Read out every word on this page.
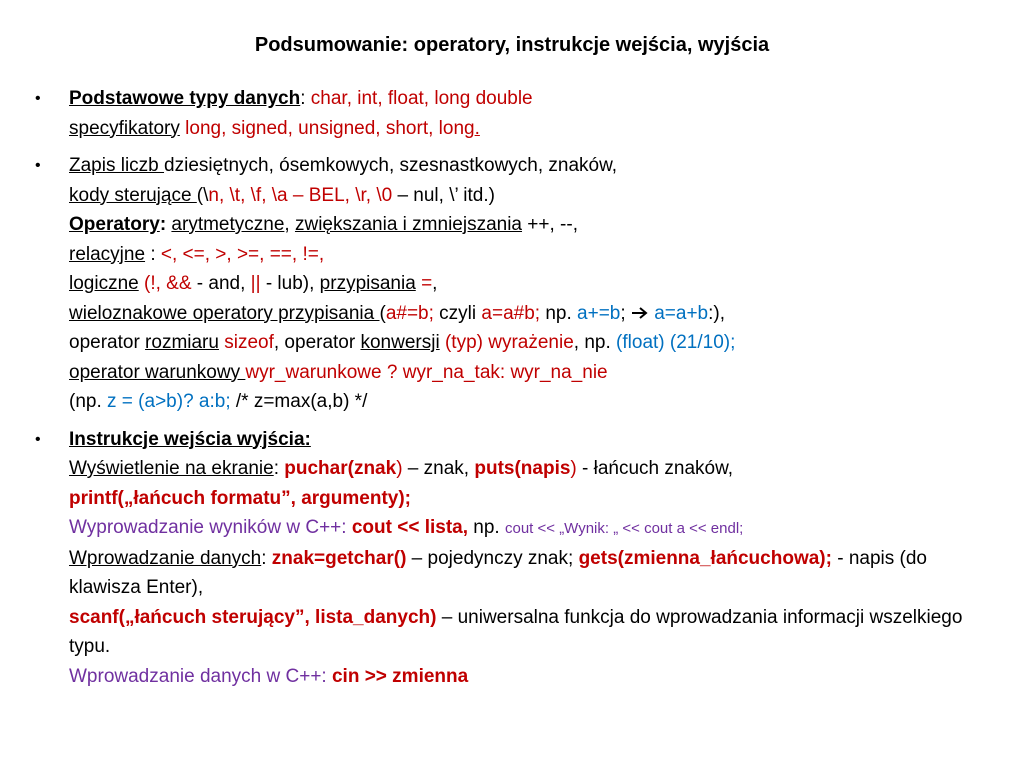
Podsumowanie: operatory, instrukcje wejścia, wyjścia
• Podstawowe typy danych: char, int, float, long double
specyfikatory long, signed, unsigned, short, long.
• Zapis liczb dziesiętnych, ósemkowych, szesnastkowych, znaków,
kody sterujące (\n, \t, \f, \a – BEL, \r, \0 – nul, \’ itd.)
Operatory: arytmetyczne, zwiększania i zmniejszania ++, --,
relacyjne : <, <=, >, >=, ==, !=,
logiczne (!, && - and, || - lub), przypisania =,
wieloznakowe operatory przypisania (a#=b; czyli a=a#b; np. a+=b;  a=a+b:),
operator rozmiaru sizeof, operator konwersji (typ) wyrażenie, np. (float) (21/10);
operator warunkowy wyr_warunkowe ? wyr_na_tak: wyr_na_nie
(np. z = (a>b)? a:b; /* z=max(a,b) */
• Instrukcje wejścia wyjścia:
Wyświetlenie na ekranie: puchar(znak) – znak, puts(napis) - łańcuch znaków,
printf(„łańcuch formatu”, argumenty);
Wyprowadzanie wyników w C++: cout << lista, np. cout << „Wynik: „ << cout a << endl;
Wprowadzanie danych: znak=getchar() – pojedynczy znak; gets(zmienna_łańcuchowa); - napis (do klawisza Enter),
scanf(„łańcuch sterujący”, lista_danych) – uniwersalna funkcja do wprowadzania informacji wszelkiego typu.
Wprowadzanie danych w C++: cin >> zmienna
